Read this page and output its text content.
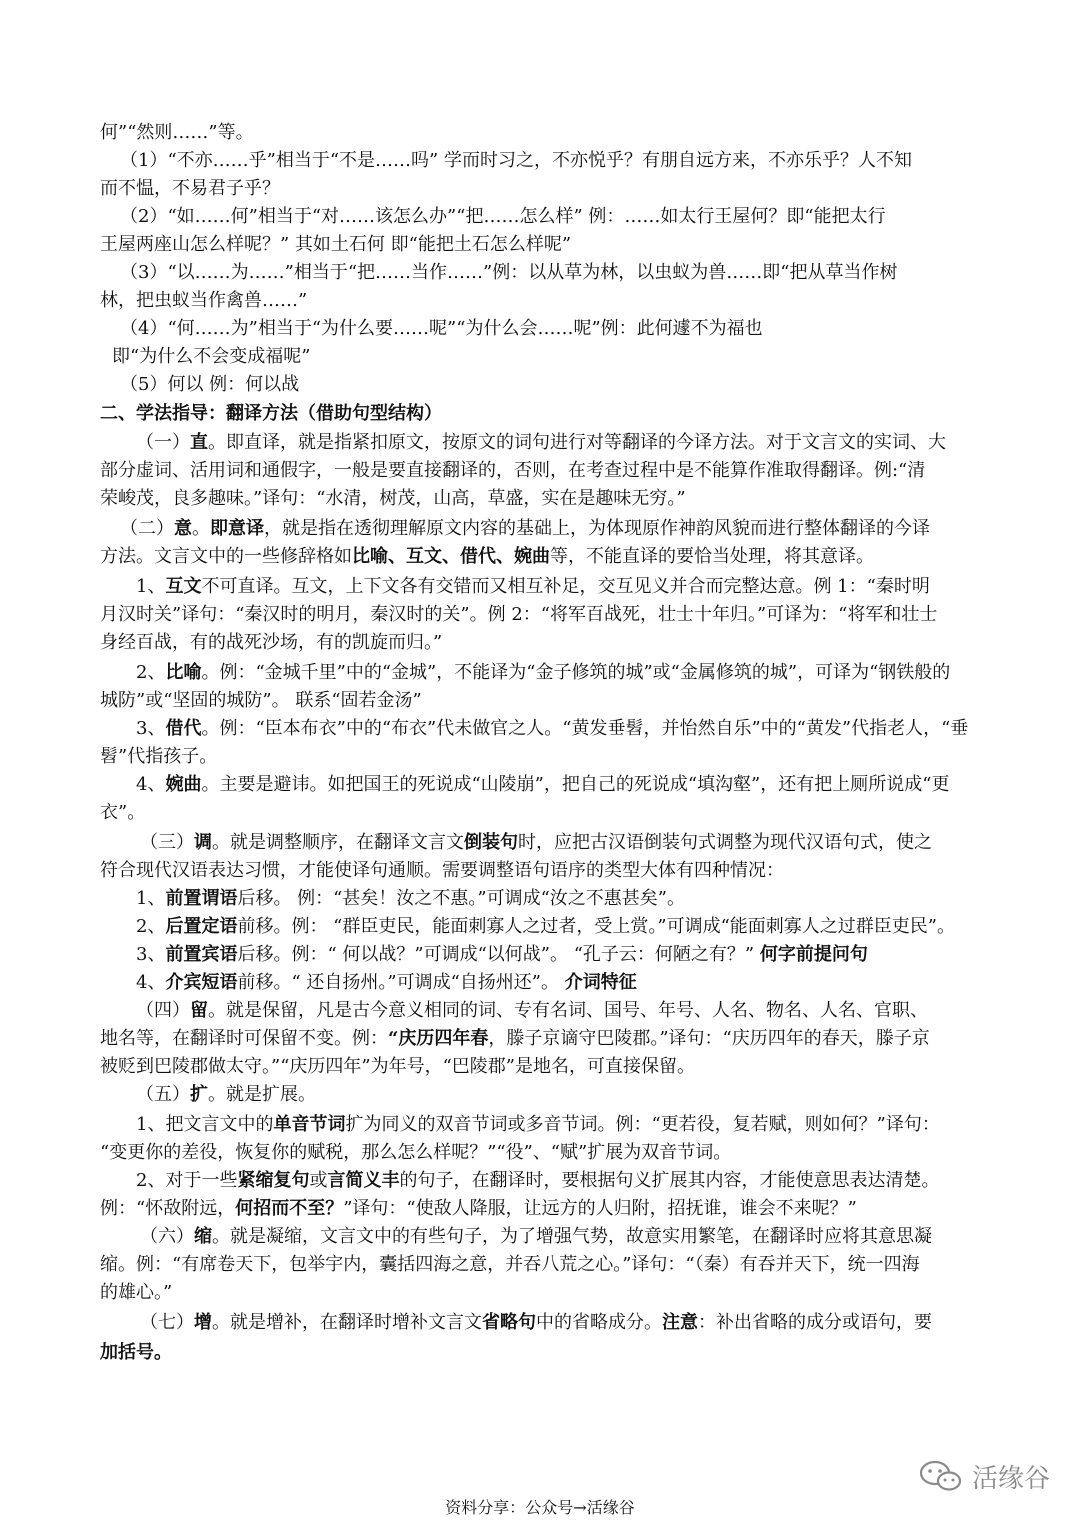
何”“然则……”等。
（1）“不亦……乎”相当于“不是……吗” 学而时习之，不亦悦乎？有朋自远方来，不亦乐乎？人不知
而不愠，不易君子乎？
（2）“如……何”相当于“对……该怎么办”“把……怎么样” 例：……如太行王屋何？即“能把太行
王屋两座山怎么样呢？” 其如土石何 即“能把土石怎么样呢”
（3）“以……为……”相当于“把……当作……”例：以从草为林，以虫蚁为兽……即“把从草当作树
林，把虫蚁当作禽兽……”
（4）“何……为”相当于“为什么要……呢”“为什么会……呢”例：此何遽不为福也
即“为什么不会变成福呢”
（5）何以 例：何以战
二、学法指导：翻译方法（借助句型结构）
（一）直。即直译，就是指紧扣原文，按原文的词句进行对等翻译的今译方法。对于文言文的实词、大
部分虚词、活用词和通假字，一般是要直接翻译的，否则，在考查过程中是不能算作准取得翻译。例:“清
荣峻茂，良多趣味。”译句：“水清，树茂，山高，草盛，实在是趣味无穷。”
（二）意。即意译，就是指在透彻理解原文内容的基础上，为体现原作神韵风貌而进行整体翻译的今译
方法。文言文中的一些修辞格如比喻、互文、借代、婉曲等，不能直译的要恰当处理，将其意译。
1、互文不可直译。互文，上下文各有交错而又相互补足，交互见义并合而完整达意。例 1：“秦时明
月汉时关”译句：“秦汉时的明月，秦汉时的关”。例 2：“将军百战死，壮士十年归。”可译为：“将军和壮士
身经百战，有的战死沙场，有的凯旋而归。”
2、比喻。例：“金城千里”中的“金城”，不能译为“金子修筑的城”或“金属修筑的城”，可译为“钢铁般的
城防”或“坚固的城防”。 联系“固若金汤”
3、借代。例：“臣本布衣”中的“布衣”代未做官之人。“黄发垂髫，并怡然自乐”中的“黄发”代指老人，“垂
髫”代指孩子。
4、婉曲。主要是避讳。如把国王的死说成“山陵崩”，把自己的死说成“填沟壑”，还有把上厕所说成“更
衣”。
（三）调。就是调整顺序，在翻译文言文倒装句时，应把古汉语倒装句式调整为现代汉语句式，使之
符合现代汉语表达习惯，才能使译句通顺。需要调整语句语序的类型大体有四种情况：
1、前置谓语后移。 例：“甚矣！汝之不惠。”可调成“汝之不惠甚矣”。
2、后置定语前移。例： “群臣吏民，能面刺寡人之过者，受上赏。”可调成“能面刺寡人之过群臣吏民”。
3、前置宾语后移。例：“ 何以战？”可调成“以何战”。 “孔子云：何陋之有？” 何字前提问句
4、介宾短语前移。“ 还自扬州。”可调成“自扬州还”。 介词特征
（四）留。就是保留，凡是古今意义相同的词、专有名词、国号、年号、人名、物名、人名、官职、
地名等，在翻译时可保留不变。例：“庆历四年春，滕子京谪守巴陵郡。”译句：“庆历四年的春天，滕子京
被贬到巴陵郡做太守。”“庆历四年”为年号，“巴陵郡”是地名，可直接保留。
（五）扩。就是扩展。
1、把文言文中的单音节词扩为同义的双音节词或多音节词。例：“更若役，复若赋，则如何？”译句：
“变更你的差役，恢复你的赋税，那么怎么样呢？”“役”、“赋”扩展为双音节词。
2、对于一些紧缩复句或言简义丰的句子，在翻译时，要根据句义扩展其内容，才能使意思表达清楚。
例：“怀敌附远，何招而不至？”译句：“使敌人降服，让远方的人归附，招抚谁，谁会不来呢？”
（六）缩。就是凝缩，文言文中的有些句子，为了增强气势，故意实用繁笔，在翻译时应将其意思凝
缩。例：“有席卷天下，包举宇内，囊括四海之意，并吞八荒之心。”译句：“（秦）有吞并天下，统一四海
的雄心。”
（七）增。就是增补，在翻译时增补文言文省略句中的省略成分。注意：补出省略的成分或语句，要
加括号。
资料分享：公众号→活缘谷
活缘谷
